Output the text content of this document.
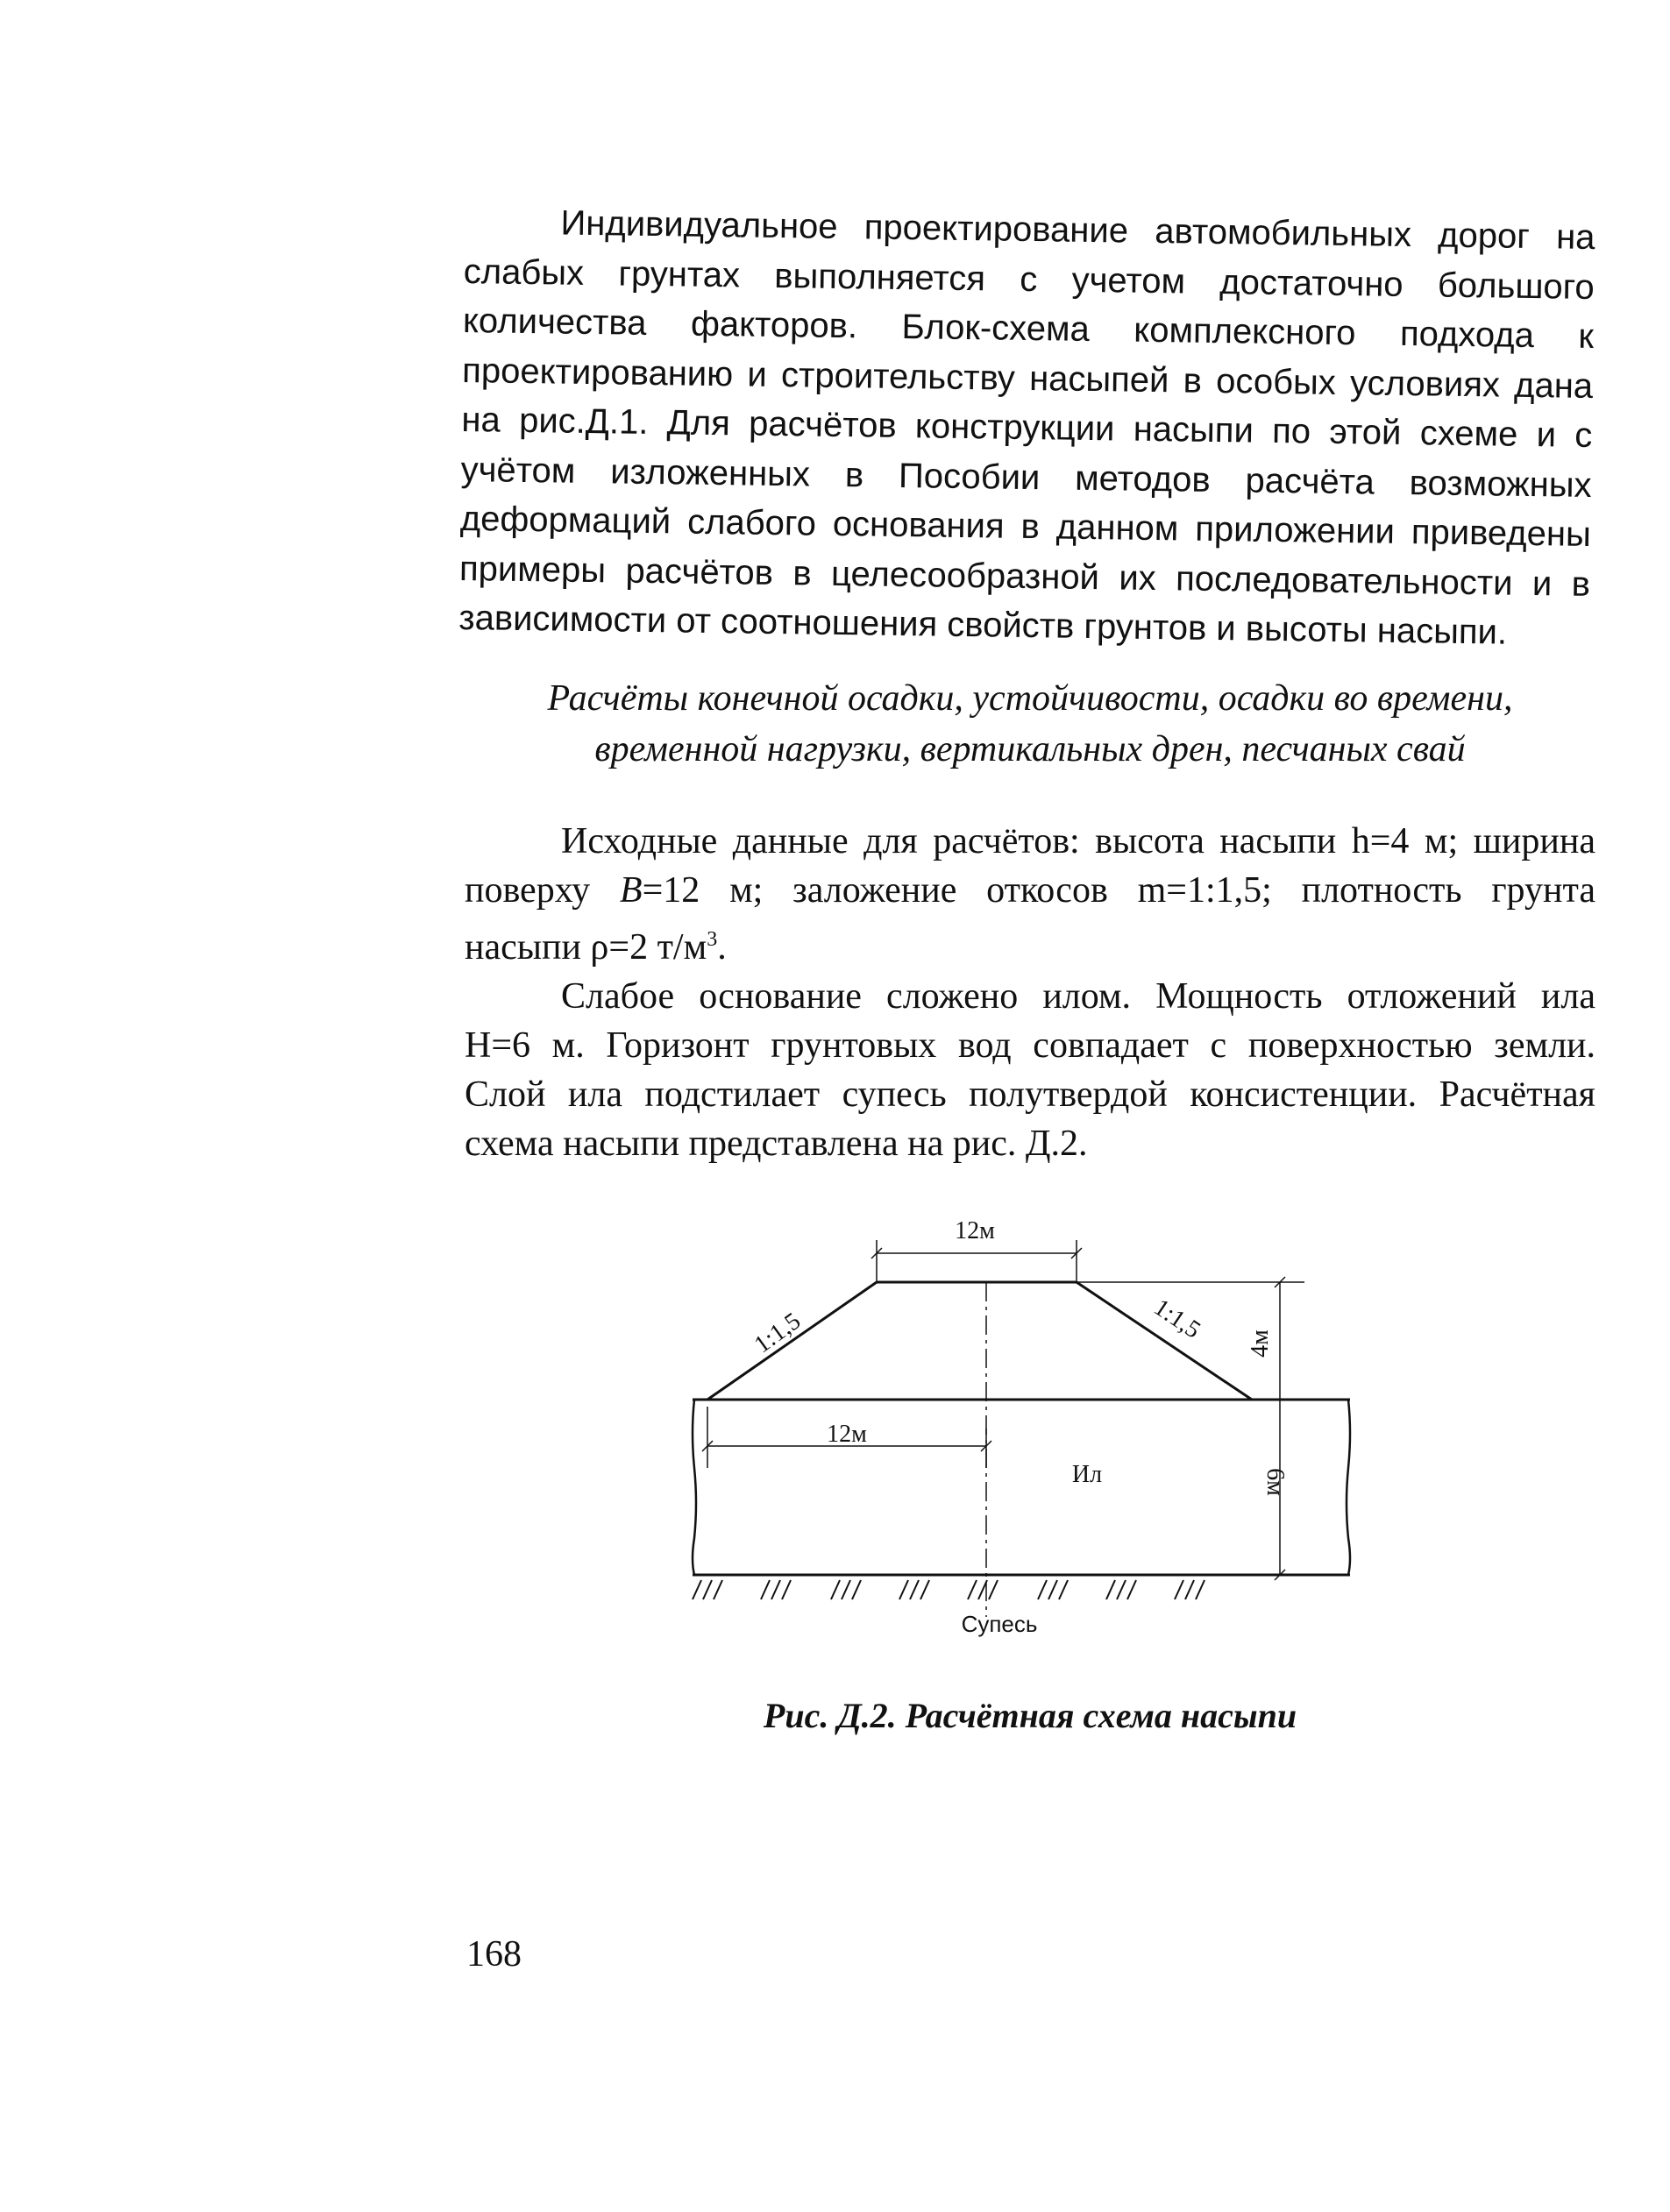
Индивидуальное проектирование автомобильных дорог на
слабых грунтах выполняется с учетом достаточно большого
количества факторов. Блок-схема комплексного подхода к
проектированию и строительству насыпей в особых условиях дана
на рис.Д.1. Для расчётов конструкции насыпи по этой схеме и с
учётом изложенных в Пособии методов расчёта возможных
деформаций слабого основания в данном приложении приведены
примеры расчётов в целесообразной их последовательности и в
зависимости от соотношения свойств грунтов и высоты насыпи.
Расчёты конечной осадки, устойчивости, осадки во времени,
временной нагрузки, вертикальных дрен, песчаных свай
Исходные данные для расчётов: высота насыпи h=4 м; ширина
поверху B=12 м; заложение откосов m=1:1,5; плотность грунта
насыпи ρ=2 $т/м^3$.
Слабое основание сложено илом. Мощность отложений ила
H=6 м. Горизонт грунтовых вод совпадает с поверхностью земли.
Слой ила подстилает супесь полутвердой консистенции. Расчётная
схема насыпи представлена на рис. Д.2.
12м
1:1,5	1:1,5 4м
12м
Ил	6м
Супесь
Рис. Д.2. Расчётная схема насыпи
168
